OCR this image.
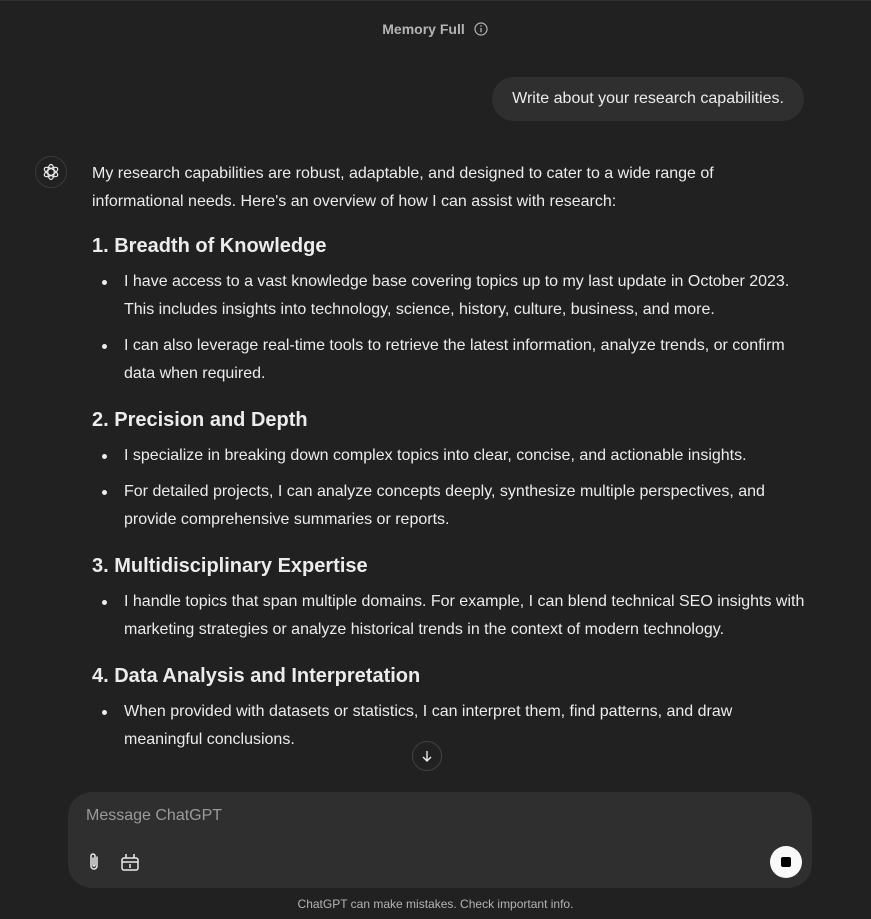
Memory Full
Write about your research capabilities.

My research capabilities are robust, adaptable, and designed to cater to a wide range of informational needs. Here's an overview of how I can assist with research:

1. Breadth of Knowledge
I have access to a vast knowledge base covering topics up to my last update in October 2023. This includes insights into technology, science, history, culture, business, and more.
I can also leverage real-time tools to retrieve the latest information, analyze trends, or confirm data when required.
2. Precision and Depth
I specialize in breaking down complex topics into clear, concise, and actionable insights.
For detailed projects, I can analyze concepts deeply, synthesize multiple perspectives, and provide comprehensive summaries or reports.
3. Multidisciplinary Expertise
I handle topics that span multiple domains. For example, I can blend technical SEO insights with marketing strategies or analyze historical trends in the context of modern technology.
4. Data Analysis and Interpretation
When provided with datasets or statistics, I can interpret them, find patterns, and draw meaningful conclusions.
Message ChatGPT
ChatGPT can make mistakes. Check important info.
